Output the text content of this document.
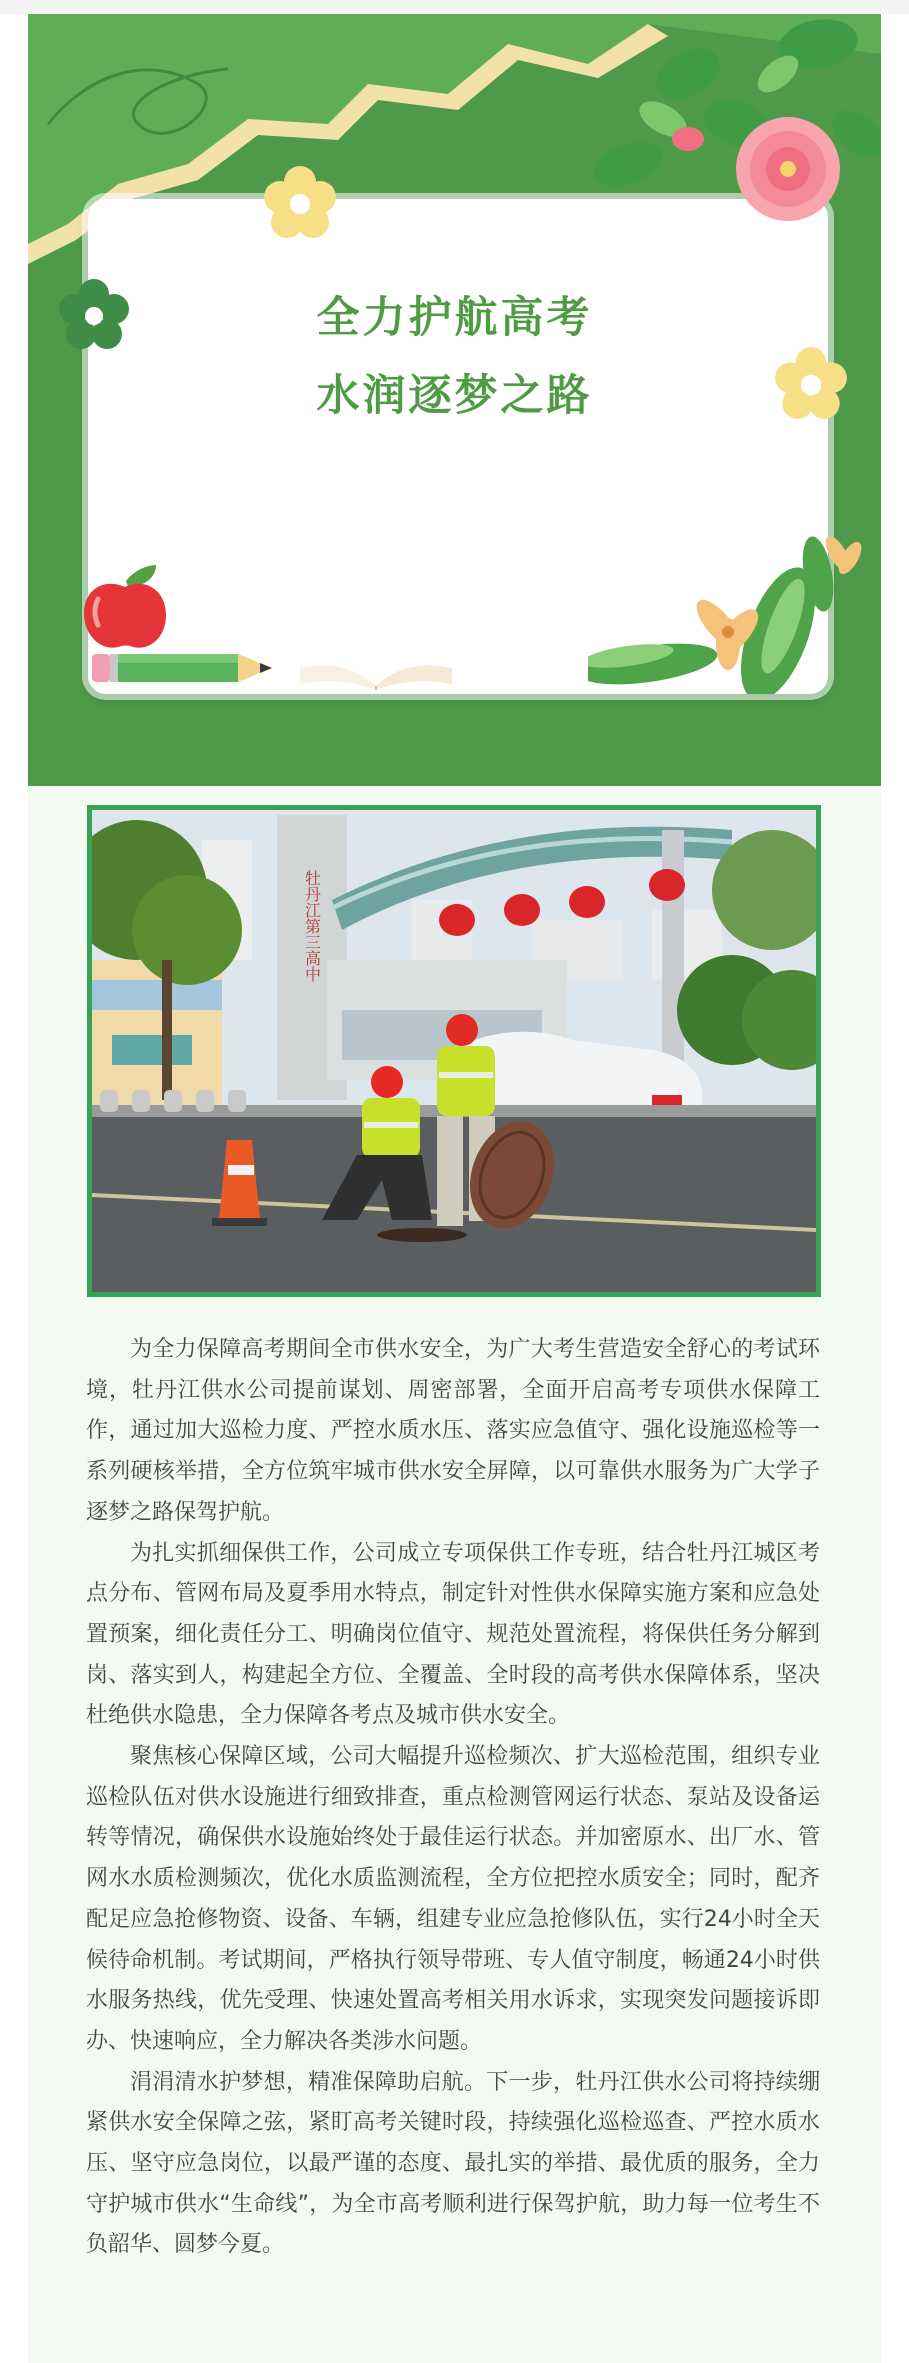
全力护航高考
水润逐梦之路
牡丹江第三高中

为全力保障高考期间全市供水安全，为广大考生营造安全舒心的考试环境，牡丹江供水公司提前谋划、周密部署，全面开启高考专项供水保障工作，通过加大巡检力度、严控水质水压、落实应急值守、强化设施巡检等一系列硬核举措，全方位筑牢城市供水安全屏障，以可靠供水服务为广大学子逐梦之路保驾护航。

为扎实抓细保供工作，公司成立专项保供工作专班，结合牡丹江城区考点分布、管网布局及夏季用水特点，制定针对性供水保障实施方案和应急处置预案，细化责任分工、明确岗位值守、规范处置流程，将保供任务分解到岗、落实到人，构建起全方位、全覆盖、全时段的高考供水保障体系，坚决杜绝供水隐患，全力保障各考点及城市供水安全。

聚焦核心保障区域，公司大幅提升巡检频次、扩大巡检范围，组织专业巡检队伍对供水设施进行细致排查，重点检测管网运行状态、泵站及设备运转等情况，确保供水设施始终处于最佳运行状态。并加密原水、出厂水、管网水水质检测频次，优化水质监测流程，全方位把控水质安全；同时，配齐配足应急抢修物资、设备、车辆，组建专业应急抢修队伍，实行24小时全天候待命机制。考试期间，严格执行领导带班、专人值守制度，畅通24小时供水服务热线，优先受理、快速处置高考相关用水诉求，实现突发问题接诉即办、快速响应，全力解决各类涉水问题。

涓涓清水护梦想，精准保障助启航。下一步，牡丹江供水公司将持续绷紧供水安全保障之弦，紧盯高考关键时段，持续强化巡检巡查、严控水质水压、坚守应急岗位，以最严谨的态度、最扎实的举措、最优质的服务，全力守护城市供水“生命线”，为全市高考顺利进行保驾护航，助力每一位考生不负韶华、圆梦今夏。
